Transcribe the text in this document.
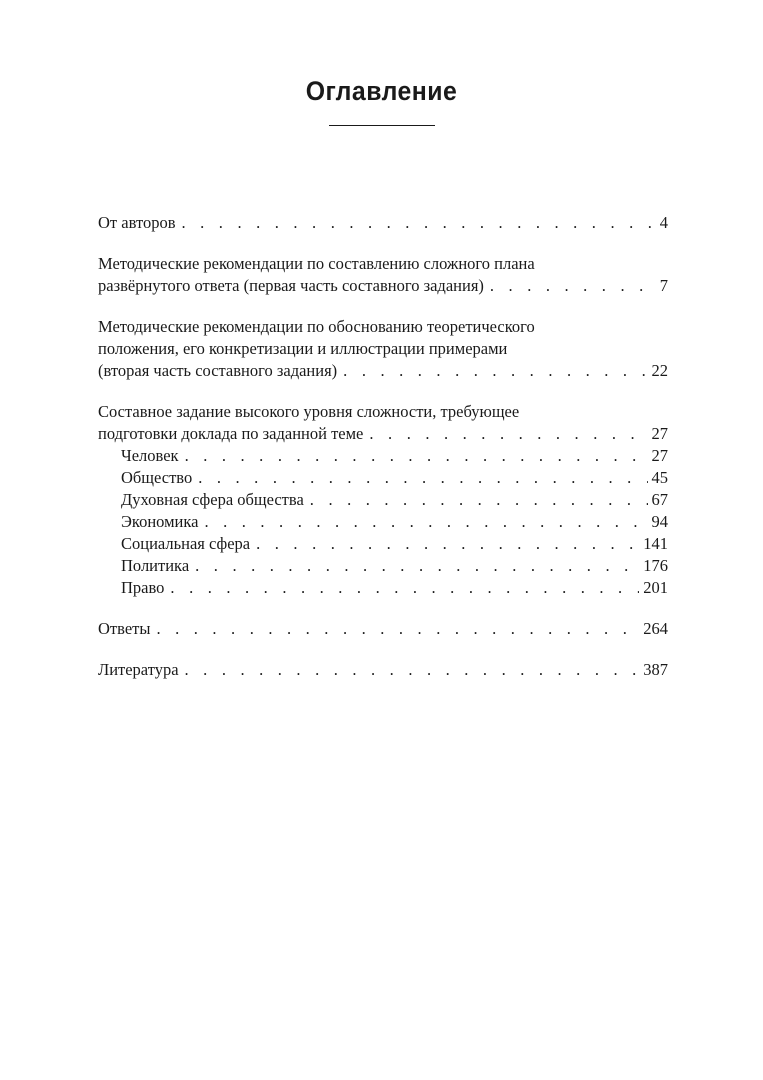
Оглавление
От авторов . . .	4
Методические рекомендации по составлению сложного плана
развёрнутого ответа (первая часть составного задания) . . .	7
Методические рекомендации по обоснованию теоретического
положения, его конкретизации и иллюстрации примерами
(вторая часть составного задания) . . .	22
Составное задание высокого уровня сложности, требующее
подготовки доклада по заданной теме . . .	27
Человек . . .	27
Общество . . .	45
Духовная сфера общества . . .	67
Экономика . . .	94
Социальная сфера . . .	141
Политика . . .	176
Право . . .	201
Ответы . . .	264
Литература . . .	387
